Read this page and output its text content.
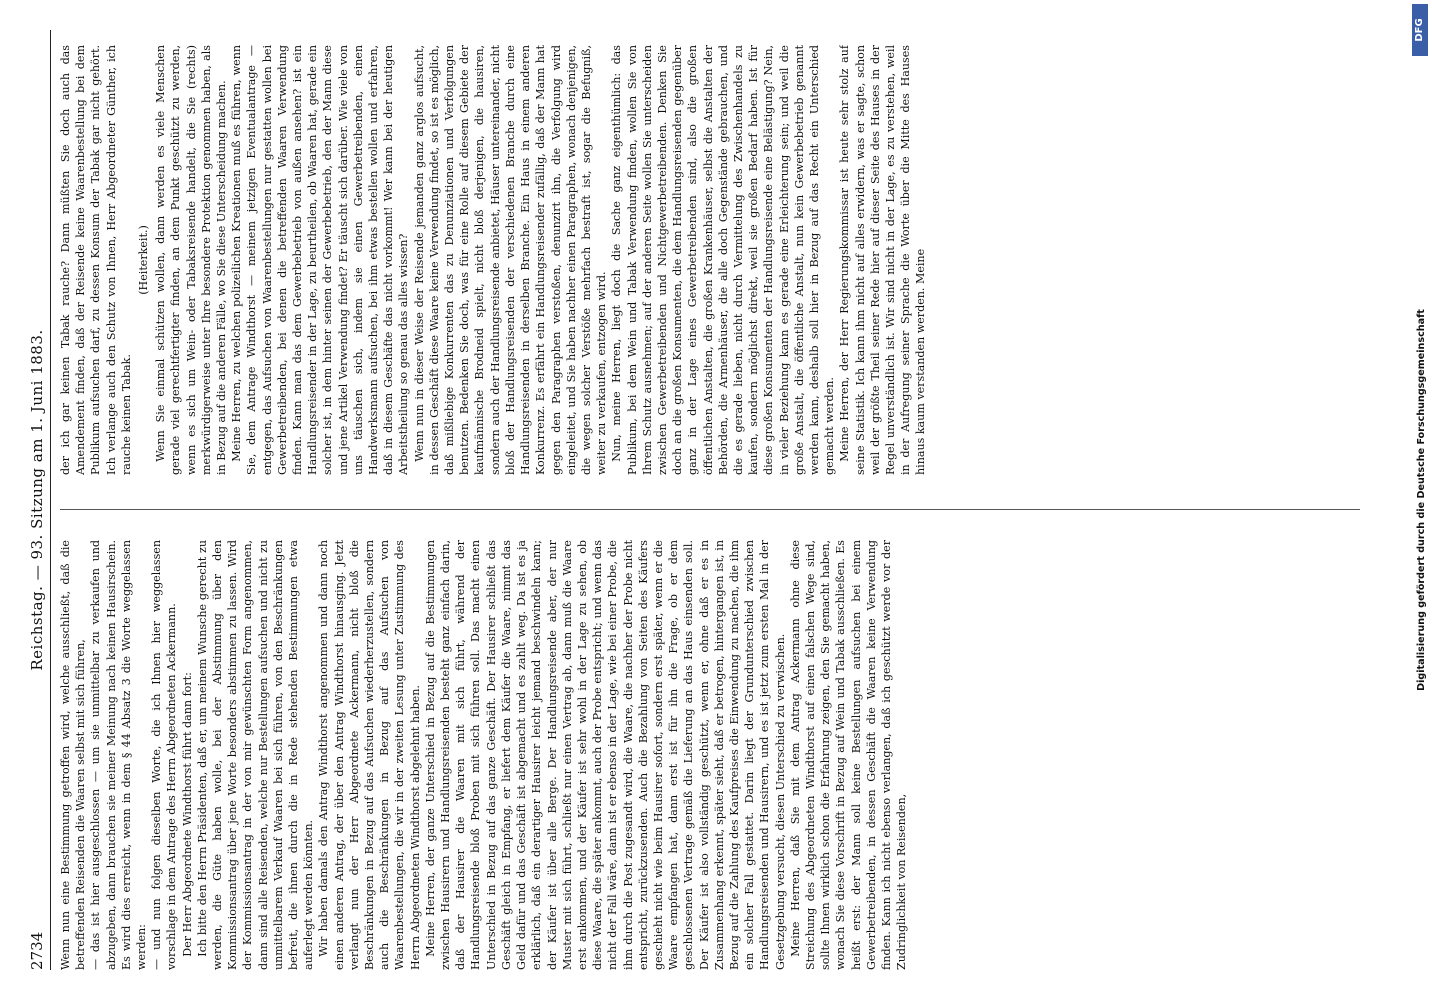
2734
Reichstag. — 93. Sitzung am 1. Juni 1883.

Wenn nun eine Bestimmung getroffen wird, welche ausschließt, daß die betreffenden Reisenden die Waaren selbst mit sich führen, — das ist hier ausgeschlossen — um sie unmittelbar zu verkaufen und abzugeben, dann brauchen sie meiner Meinung nach keinen Hausirschein. Es wird dies erreicht, wenn in dem § 44 Absatz 3 die Worte weggelassen werden: — und nun folgen dieselben Worte, die ich Ihnen hier weggelassen vorschlage in dem Antrage des Herrn Abgeordneten Ackermann. Der Herr Abgeordnete Windthorst führt dann fort: Ich bitte den Herrn Präsidenten, daß er, um meinem Wunsche gerecht zu werden, die Güte haben wolle, bei der Abstimmung über den Kommissionsantrag über jene Worte besonders abstimmen zu lassen. Wird der Kommissionsantrag in der von mir gewünschten Form angenommen, dann sind alle Reisenden, welche nur Bestellungen aufsuchen und nicht zu unmittelbarem Verkauf Waaren bei sich führen, von den Beschränkungen befreit, die ihnen durch die in Rede stehenden Bestimmungen etwa auferlegt werden könnten. Wir haben damals den Antrag Windthorst angenommen und dann noch einen anderen Antrag, der über den Antrag Windthorst hinausging. Jetzt verlangt nun der Herr Abgeordnete Ackermann, nicht bloß die Beschränkungen in Bezug auf das Aufsuchen wiederherzustellen, sondern auch die Beschränkungen in Bezug auf das Aufsuchen von Waarenbestellungen, die wir in der zweiten Lesung unter Zustimmung des Herrn Abgeordneten Windthorst abgelehnt haben. Meine Herren, der ganze Unterschied in Bezug auf die Bestimmungen zwischen Hausirern und Handlungsreisenden besteht ganz einfach darin, daß der Hausirer die Waaren mit sich führt, während der Handlungsreisende bloß Proben mit sich führen soll. Das macht einen Unterschied in Bezug auf das ganze Geschäft. Der Hausirer schließt das Geschäft gleich in Empfang, er liefert dem Käufer die Waare, nimmt das Geld dafür und das Geschäft ist abgemacht und es zahlt weg. Da ist es ja erklärlich, daß ein derartiger Hausirer leicht jemand beschwindeln kann; der Käufer ist über alle Berge. Der Handlungsreisende aber, der nur Muster mit sich führt, schließt nur einen Vertrag ab, dann muß die Waare erst ankommen, und der Käufer ist sehr wohl in der Lage zu sehen, ob diese Waare, die später ankommt, auch der Probe entspricht; und wenn das nicht der Fall wäre, dann ist er ebenso in der Lage, wie bei einer Probe, die ihm durch die Post zugesandt wird, die Waare, die nachher der Probe nicht entspricht, zurückzusenden. Auch die Bezahlung von Seiten des Käufers geschieht nicht wie beim Hausirer sofort, sondern erst später, wenn er die Waare empfangen hat, dann erst ist für ihn die Frage, ob er dem geschlossenen Vertrage gemäß die Lieferung an das Haus einsenden soll. Der Käufer ist also vollständig geschützt, wenn er, ohne daß er es in Zusammenhang erkennt, später sieht, daß er betrogen, hintergangen ist, in Bezug auf die Zahlung des Kaufpreises die Einwendung zu machen, die ihm ein solcher Fall gestattet. Darin liegt der Grundunterschied zwischen Handlungsreisenden und Hausirern, und es ist jetzt zum ersten Mal in der Gesetzgebung versucht, diesen Unterschied zu verwischen. Meine Herren, daß Sie mit dem Antrag Ackermann ohne diese Streichung des Abgeordneten Windthorst auf einen falschen Wege sind, sollte Ihnen wirklich schon die Erfahrung zeigen, den Sie gemacht haben, wonach Sie diese Vorschrift in Bezug auf Wein und Tabak ausschließen. Es heißt erst: der Mann soll keine Bestellungen aufsuchen bei einem Gewerbetreibenden, in dessen Geschäft die Waaren keine Verwendung finden. Kann ich nicht ebenso verlangen, daß ich geschützt werde vor der Zudringlichkeit von Reisenden,

der ich gar keinen Tabak rauche? Dann müßten Sie doch auch das Amendement finden, daß der Reisende keine Waarenbestellung bei dem Publikum aufsuchen darf, zu dessen Konsum der Tabak gar nicht gehört. Ich verlange auch den Schutz von Ihnen, Herr Abgeordneter Günther, ich rauche keinen Tabak.

(Heiterkeit.) Wenn Sie einmal schützen wollen, dann werden es viele Menschen gerade viel gerechtfertigter finden, an dem Punkt geschützt zu werden, wenn es sich um Wein- oder Tabaksreisende handelt, die Sie (rechts) merkwürdigerweise unter Ihre besondere Protektion genommen haben, als in Bezug auf die anderen Fälle, wo Sie diese Unterscheidung machen. Meine Herren, zu welchen polizeilichen Kreationen muß es führen, wenn Sie, dem Antrage Windthorst — meinem jetzigen Eventualantrage — entgegen, das Aufsuchen von Waarenbestellungen nur gestatten wollen bei Gewerbetreibenden, bei denen die betreffenden Waaren Verwendung finden. Kann man das dem Gewerbebetrieb von außen ansehen? ist ein Handlungsreisender in der Lage, zu beurtheilen, ob Waaren hat, gerade ein solcher ist, in dem hinter seinen der Gewerbebetrieb, den der Mann diese und jene Artikel Verwendung findet? Er täuscht sich darüber. Wie viele von uns täuschen sich, indem sie einen Gewerbetreibenden, einen Handwerksmann aufsuchen, bei ihm etwas bestellen wollen und erfahren, daß in diesem Geschäfte das nicht vorkommt! Wer kann bei der heutigen Arbeitstheilung so genau das alles wissen? Wenn nun in dieser Weise der Reisende jemanden ganz arglos aufsucht, in dessen Geschäft diese Waare keine Verwendung findet, so ist es möglich, daß mißliebige Konkurrenten das zu Denunziationen und Verfolgungen benutzen. Bedenken Sie doch, was für eine Rolle auf diesem Gebiete der kaufmännische Brodneid spielt, nicht bloß derjenigen, die hausiren, sondern auch der Handlungsreisende anbietet, Häuser untereinander, nicht bloß der Handlungsreisenden der verschiedenen Branche durch eine Handlungsreisenden in derselben Branche. Ein Haus in einem anderen Konkurrenz. Es erfährt ein Handlungsreisender zufällig, daß der Mann hat gegen den Paragraphen verstoßen, denunzirt ihn, die Verfolgung wird eingeleitet, und Sie haben nachher einen Paragraphen, wonach denjenigen, die wegen solcher Verstöße mehrfach bestraft ist, sogar die Befugniß, weiter zu verkaufen, entzogen wird. Nun, meine Herren, liegt doch die Sache ganz eigenthümlich: das Publikum, bei dem Wein und Tabak Verwendung finden, wollen Sie von Ihrem Schutz ausnehmen; auf der anderen Seite wollen Sie unterscheiden zwischen Gewerbetreibenden und Nichtgewerbetreibenden. Denken Sie doch an die großen Konsumenten, die dem Handlungsreisenden gegenüber ganz in der Lage eines Gewerbetreibenden sind, also die großen öffentlichen Anstalten, die großen Krankenhäuser, selbst die Anstalten der Behörden, die Armenhäuser, die alle doch Gegenstände gebrauchen, und die es gerade lieben, nicht durch Vermittelung des Zwischenhandels zu kaufen, sondern möglichst direkt, weil sie großen Bedarf haben. Ist für diese großen Konsumenten der Handlungsreisende eine Belästigung? Nein, in vieler Beziehung kann es gerade eine Erleichterung sein; und weil die große Anstalt, die öffentliche Anstalt, nun kein Gewerbebetrieb genannt werden kann, deshalb soll hier in Bezug auf das Recht ein Unterschied gemacht werden. Meine Herren, der Herr Regierungskommissar ist heute sehr stolz auf seine Statistik. Ich kann ihm nicht auf alles erwidern, was er sagte, schon weil der größte Theil seiner Rede hier auf dieser Seite des Hauses in der Regel unverständlich ist. Wir sind nicht in der Lage, es zu verstehen, weil in der Aufregung seiner Sprache die Worte über die Mitte des Hauses hinaus kaum verstanden werden. Meine

DFG
Digitalisierung gefördert durch die Deutsche Forschungsgemeinschaft
